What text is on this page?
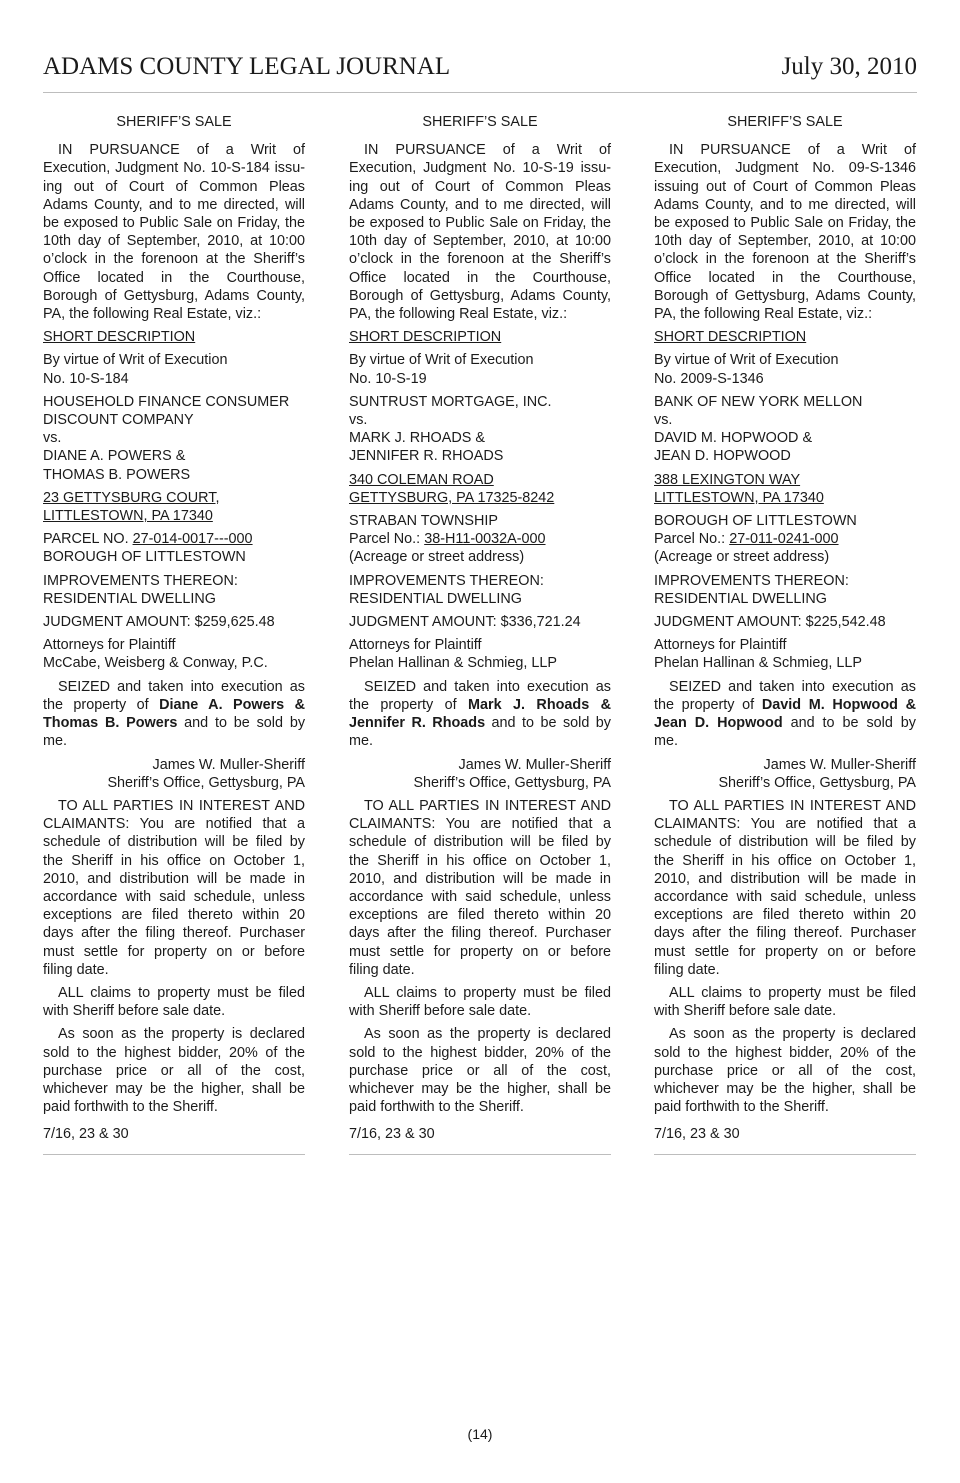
ADAMS COUNTY LEGAL JOURNAL	July 30, 2010
SHERIFF’S SALE
IN PURSUANCE of a Writ of Execution, Judgment No. 10-S-184 issuing out of Court of Common Pleas Adams County, and to me directed, will be exposed to Public Sale on Friday, the 10th day of September, 2010, at 10:00 o’clock in the forenoon at the Sheriff’s Office located in the Courthouse, Borough of Gettysburg, Adams County, PA, the following Real Estate, viz.:
SHORT DESCRIPTION
By virtue of Writ of Execution
No. 10-S-184
HOUSEHOLD FINANCE CONSUMER
DISCOUNT COMPANY
vs.
DIANE A. POWERS &
THOMAS B. POWERS
23 GETTYSBURG COURT,
LITTLESTOWN, PA 17340
PARCEL NO. 27-014-0017---000
BOROUGH OF LITTLESTOWN
IMPROVEMENTS THEREON:
RESIDENTIAL DWELLING
JUDGMENT AMOUNT: $259,625.48
Attorneys for Plaintiff
McCabe, Weisberg & Conway, P.C.
SEIZED and taken into execution as the property of Diane A. Powers & Thomas B. Powers and to be sold by me.
James W. Muller-Sheriff
Sheriff’s Office, Gettysburg, PA
TO ALL PARTIES IN INTEREST AND CLAIMANTS: You are notified that a schedule of distribution will be filed by the Sheriff in his office on October 1, 2010, and distribution will be made in accordance with said schedule, unless exceptions are filed thereto within 20 days after the filing thereof. Purchaser must settle for property on or before filing date.
ALL claims to property must be filed with Sheriff before sale date.
As soon as the property is declared sold to the highest bidder, 20% of the purchase price or all of the cost, whichever may be the higher, shall be paid forthwith to the Sheriff.
7/16, 23 & 30
SHERIFF’S SALE
IN PURSUANCE of a Writ of Execution, Judgment No. 10-S-19 issuing out of Court of Common Pleas Adams County, and to me directed, will be exposed to Public Sale on Friday, the 10th day of September, 2010, at 10:00 o’clock in the forenoon at the Sheriff’s Office located in the Courthouse, Borough of Gettysburg, Adams County, PA, the following Real Estate, viz.:
SHORT DESCRIPTION
By virtue of Writ of Execution
No. 10-S-19
SUNTRUST MORTGAGE, INC.
vs.
MARK J. RHOADS &
JENNIFER R. RHOADS
340 COLEMAN ROAD
GETTYSBURG, PA 17325-8242
STRABAN TOWNSHIP
Parcel No.: 38-H11-0032A-000
(Acreage or street address)
IMPROVEMENTS THEREON:
RESIDENTIAL DWELLING
JUDGMENT AMOUNT: $336,721.24
Attorneys for Plaintiff
Phelan Hallinan & Schmieg, LLP
SEIZED and taken into execution as the property of Mark J. Rhoads & Jennifer R. Rhoads and to be sold by me.
James W. Muller-Sheriff
Sheriff’s Office, Gettysburg, PA
TO ALL PARTIES IN INTEREST AND CLAIMANTS: You are notified that a schedule of distribution will be filed by the Sheriff in his office on October 1, 2010, and distribution will be made in accordance with said schedule, unless exceptions are filed thereto within 20 days after the filing thereof. Purchaser must settle for property on or before filing date.
ALL claims to property must be filed with Sheriff before sale date.
As soon as the property is declared sold to the highest bidder, 20% of the purchase price or all of the cost, whichever may be the higher, shall be paid forthwith to the Sheriff.
7/16, 23 & 30
SHERIFF’S SALE
IN PURSUANCE of a Writ of Execution, Judgment No. 09-S-1346 issuing out of Court of Common Pleas Adams County, and to me directed, will be exposed to Public Sale on Friday, the 10th day of September, 2010, at 10:00 o’clock in the forenoon at the Sheriff’s Office located in the Courthouse, Borough of Gettysburg, Adams County, PA, the following Real Estate, viz.:
SHORT DESCRIPTION
By virtue of Writ of Execution
No. 2009-S-1346
BANK OF NEW YORK MELLON
vs.
DAVID M. HOPWOOD &
JEAN D. HOPWOOD
388 LEXINGTON WAY
LITTLESTOWN, PA 17340
BOROUGH OF LITTLESTOWN
Parcel No.: 27-011-0241-000
(Acreage or street address)
IMPROVEMENTS THEREON:
RESIDENTIAL DWELLING
JUDGMENT AMOUNT: $225,542.48
Attorneys for Plaintiff
Phelan Hallinan & Schmieg, LLP
SEIZED and taken into execution as the property of David M. Hopwood & Jean D. Hopwood and to be sold by me.
James W. Muller-Sheriff
Sheriff’s Office, Gettysburg, PA
TO ALL PARTIES IN INTEREST AND CLAIMANTS: You are notified that a schedule of distribution will be filed by the Sheriff in his office on October 1, 2010, and distribution will be made in accordance with said schedule, unless exceptions are filed thereto within 20 days after the filing thereof. Purchaser must settle for property on or before filing date.
ALL claims to property must be filed with Sheriff before sale date.
As soon as the property is declared sold to the highest bidder, 20% of the purchase price or all of the cost, whichever may be the higher, shall be paid forthwith to the Sheriff.
7/16, 23 & 30
(14)
